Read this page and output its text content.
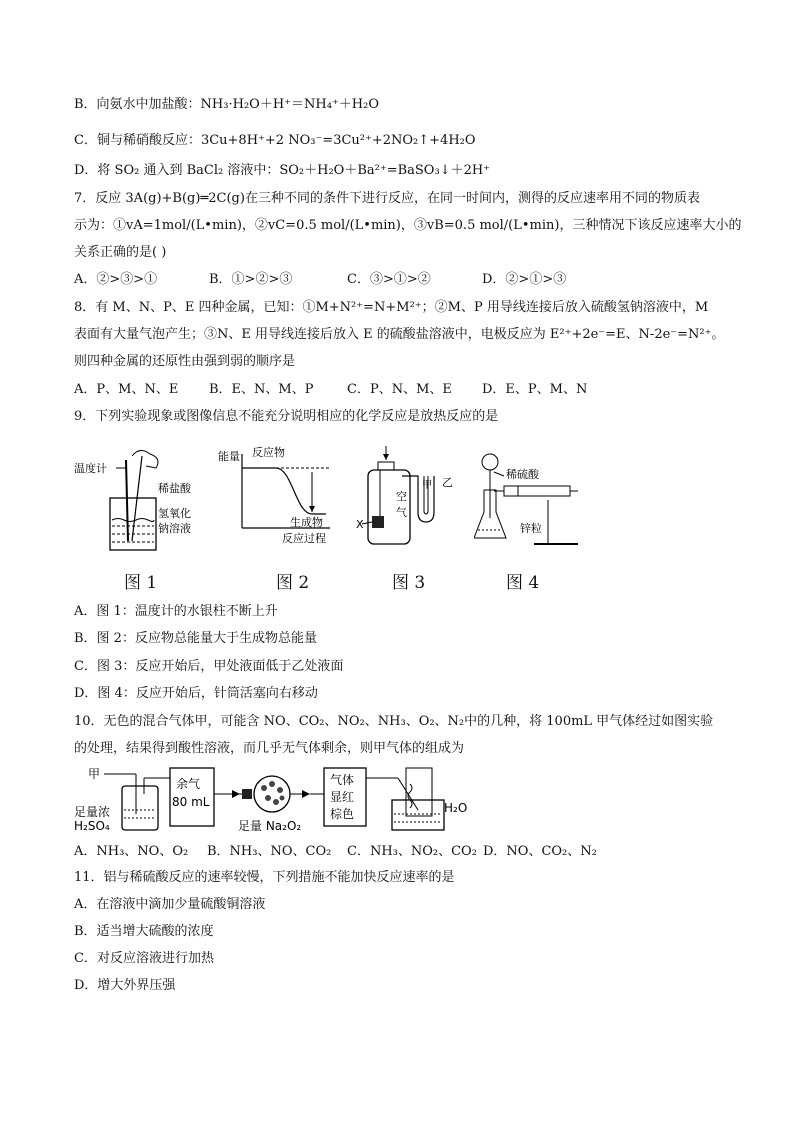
B．向氨水中加盐酸：NH₃·H₂O＋H⁺＝NH₄⁺＋H₂O
C．铜与稀硝酸反应：3Cu+8H⁺+2 NO₃⁻=3Cu²⁺+2NO₂↑+4H₂O
D．将 SO₂ 通入到 BaCl₂ 溶液中：SO₂＋H₂O＋Ba²⁺=BaSO₃↓＋2H⁺
7．反应 3A(g)+B(g)═2C(g)在三种不同的条件下进行反应，在同一时间内，测得的反应速率用不同的物质表
示为：①vA=1mol/(L•min)，②vC=0.5 mol/(L•min)，③vB=0.5 mol/(L•min)，三种情况下该反应速率大小的
关系正确的是( )
A．②>③>①	B．①>②>③	C．③>①>②	D．②>①>③
8．有 M、N、P、E 四种金属，已知：①M+N²⁺=N+M²⁺；②M、P 用导线连接后放入硫酸氢钠溶液中，M
表面有大量气泡产生；③N、E 用导线连接后放入 E 的硫酸盐溶液中，电极反应为 E²⁺+2e⁻=E、N-2e⁻=N²⁺。
则四种金属的还原性由强到弱的顺序是
A．P、M、N、E B．E、N、M、P	C．P、N、M、E D．E、P、M、N
9．下列实验现象或图像信息不能充分说明相应的化学反应是放热反应的是
温度计
稀盐酸
氢氧化
钠溶液
能量 反应物
生成物
反应过程
X
空
气
甲 乙
稀硫酸
锌粒
图 1	图 2	图 3	图 4
A．图 1：温度计的水银柱不断上升
B．图 2：反应物总能量大于生成物总能量
C．图 3：反应开始后，甲处液面低于乙处液面
D．图 4：反应开始后，针筒活塞向右移动
10．无色的混合气体甲，可能含 NO、CO₂、NO₂、NH₃、O₂、N₂中的几种，将 100mL 甲气体经过如图实验
的处理，结果得到酸性溶液，而几乎无气体剩余，则甲气体的组成为
甲
足量浓
H₂SO₄
余气
80 mL
足量 Na₂O₂
气体
显红
棕色	H₂O
A．NH₃、NO、O₂ B．NH₃、NO、CO₂ C．NH₃、NO₂、CO₂ D．NO、CO₂、N₂
11．铝与稀硫酸反应的速率较慢，下列措施不能加快反应速率的是
A．在溶液中滴加少量硫酸铜溶液
B．适当增大硫酸的浓度
C．对反应溶液进行加热
D．增大外界压强
